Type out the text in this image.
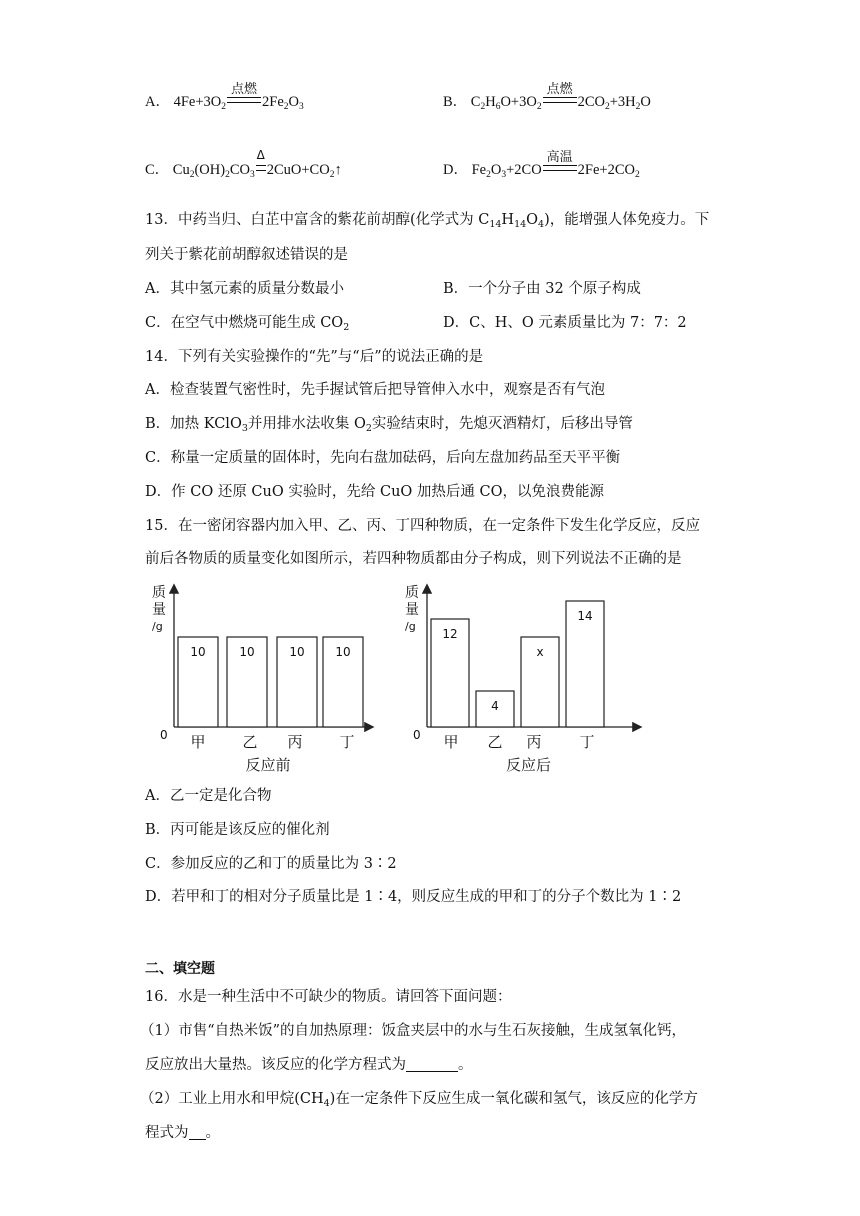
A． $4Fe+3O_2$
点燃
$2Fe_2O_3$	B． $C_2H_6O+3O_2$
点燃
$2CO_2+3H_2O$
C． $Cu_2(OH)_2CO_3$
Δ
$2CuO+CO_2↑$	D． $Fe_2O_3+2CO$
高温
$2Fe+2CO_2$
13．中药当归、白芷中富含的紫花前胡醇(化学式为 $C_{14}H_{14}O_4$)，能增强人体免疫力。下
列关于紫花前胡醇叙述错误的是
A．其中氢元素的质量分数最小	B．一个分子由 32 个原子构成
C．在空气中燃烧可能生成 $CO_2$	D．C、H、O 元素质量比为 7：7：2
14．下列有关实验操作的“先”与“后”的说法正确的是
A．检查装置气密性时，先手握试管后把导管伸入水中，观察是否有气泡
B．加热 KClO$_3$并用排水法收集 $O_2$实验结束时，先熄灭酒精灯，后移出导管
C．称量一定质量的固体时，先向右盘加砝码，后向左盘加药品至天平平衡
D．作 CO 还原 CuO 实验时，先给 CuO 加热后通 CO，以免浪费能源
15．在一密闭容器内加入甲、乙、丙、丁四种物质，在一定条件下发生化学反应，反应
前后各物质的质量变化如图所示，若四种物质都由分子构成，则下列说法不正确的是
质
量
/g
0
10
甲
10
乙
10
丙
10
丁
反应前
质
量
/g
0
12
甲
4
乙
x
丙
14
丁
反应后
A．乙一定是化合物
B．丙可能是该反应的催化剂
C．参加反应的乙和丁的质量比为 3∶2
D．若甲和丁的相对分子质量比是 1∶4，则反应生成的甲和丁的分子个数比为 1∶2
二、填空题
16．水是一种生活中不可缺少的物质。请回答下面问题：
（1）市售“自热米饭”的自加热原理：饭盒夹层中的水与生石灰接触，生成氢氧化钙，
反应放出大量热。该反应的化学方程式为	。
（2）工业上用水和甲烷$(CH_4)$在一定条件下反应生成一氧化碳和氢气，该反应的化学方
程式为 。
